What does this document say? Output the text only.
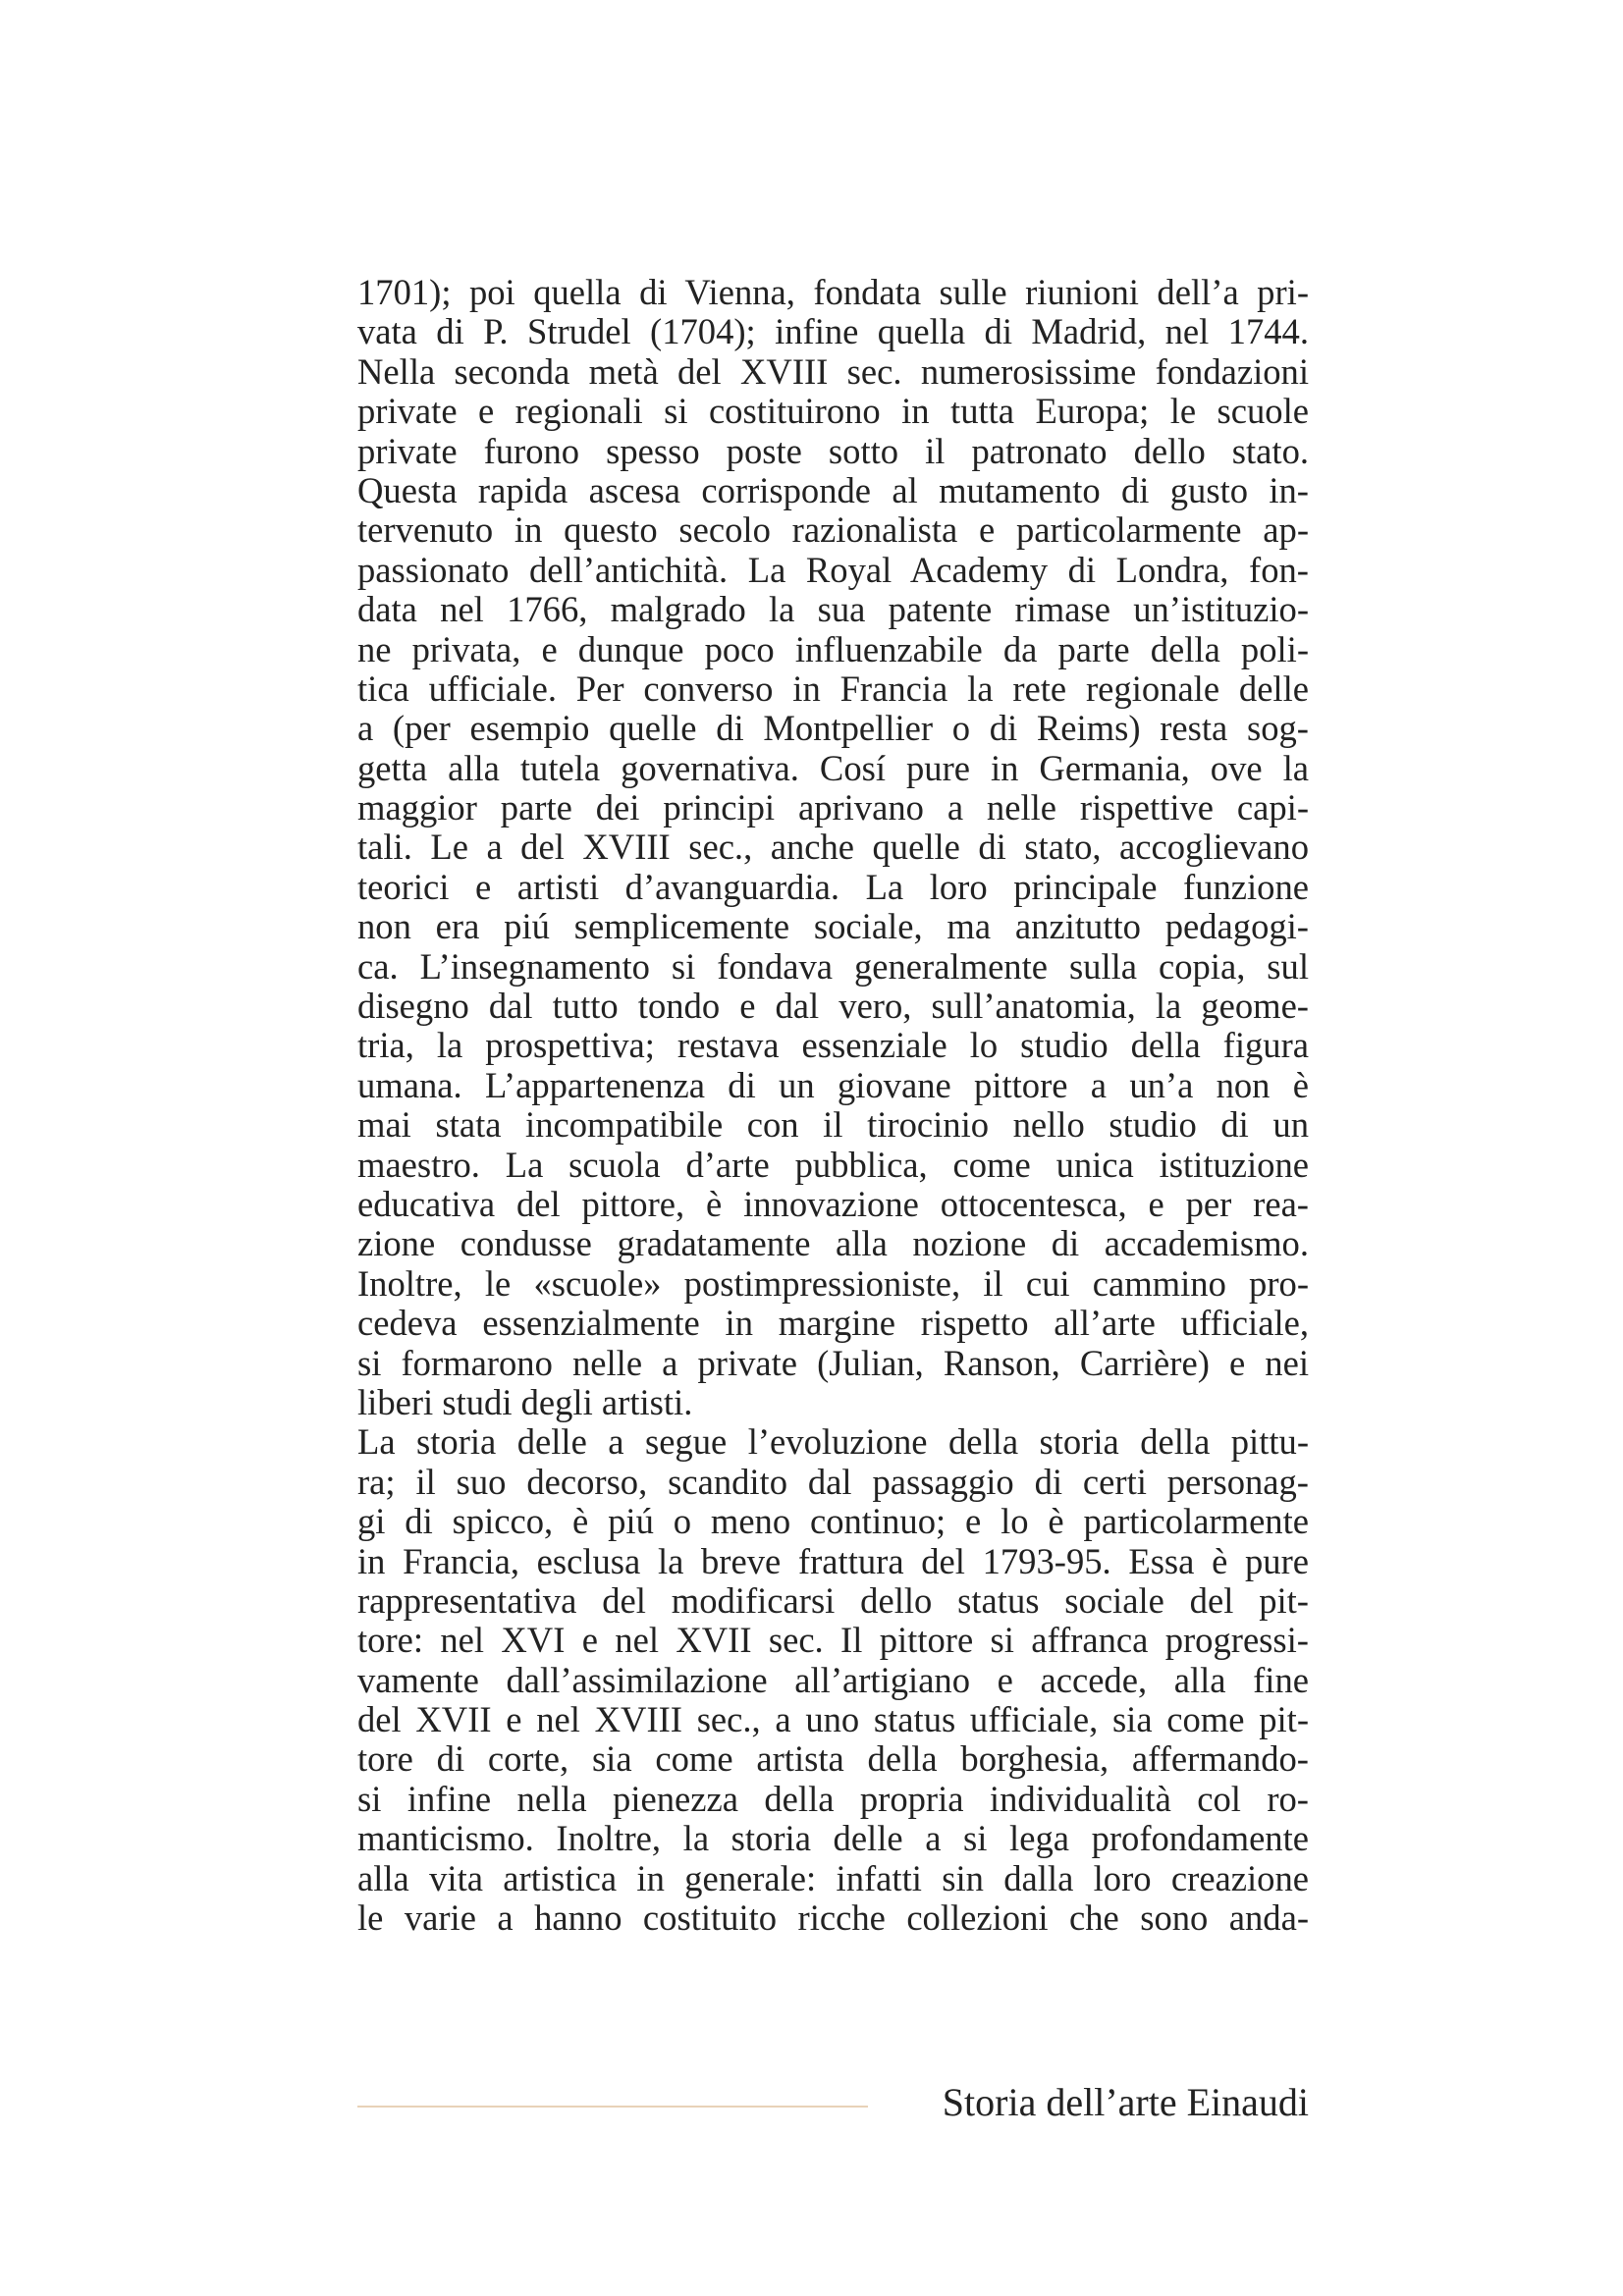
1701); poi quella di Vienna, fondata sulle riunioni dell’a pri-
vata di P. Strudel (1704); infine quella di Madrid, nel 1744.
Nella seconda metà del XVIII sec. numerosissime fondazioni
private e regionali si costituirono in tutta Europa; le scuole
private furono spesso poste sotto il patronato dello stato.
Questa rapida ascesa corrisponde al mutamento di gusto in-
tervenuto in questo secolo razionalista e particolarmente ap-
passionato dell’antichità. La Royal Academy di Londra, fon-
data nel 1766, malgrado la sua patente rimase un’istituzio-
ne privata, e dunque poco influenzabile da parte della poli-
tica ufficiale. Per converso in Francia la rete regionale delle
a (per esempio quelle di Montpellier o di Reims) resta sog-
getta alla tutela governativa. Cosí pure in Germania, ove la
maggior parte dei principi aprivano a nelle rispettive capi-
tali. Le a del XVIII sec., anche quelle di stato, accoglievano
teorici e artisti d’avanguardia. La loro principale funzione
non era piú semplicemente sociale, ma anzitutto pedagogi-
ca. L’insegnamento si fondava generalmente sulla copia, sul
disegno dal tutto tondo e dal vero, sull’anatomia, la geome-
tria, la prospettiva; restava essenziale lo studio della figura
umana. L’appartenenza di un giovane pittore a un’a non è
mai stata incompatibile con il tirocinio nello studio di un
maestro. La scuola d’arte pubblica, come unica istituzione
educativa del pittore, è innovazione ottocentesca, e per rea-
zione condusse gradatamente alla nozione di accademismo.
Inoltre, le «scuole» postimpressioniste, il cui cammino pro-
cedeva essenzialmente in margine rispetto all’arte ufficiale,
si formarono nelle a private (Julian, Ranson, Carrière) e nei
liberi studi degli artisti.
La storia delle a segue l’evoluzione della storia della pittu-
ra; il suo decorso, scandito dal passaggio di certi personag-
gi di spicco, è piú o meno continuo; e lo è particolarmente
in Francia, esclusa la breve frattura del 1793-95. Essa è pure
rappresentativa del modificarsi dello status sociale del pit-
tore: nel XVI e nel XVII sec. Il pittore si affranca progressi-
vamente dall’assimilazione all’artigiano e accede, alla fine
del XVII e nel XVIII sec., a uno status ufficiale, sia come pit-
tore di corte, sia come artista della borghesia, affermando-
si infine nella pienezza della propria individualità col ro-
manticismo. Inoltre, la storia delle a si lega profondamente
alla vita artistica in generale: infatti sin dalla loro creazione
le varie a hanno costituito ricche collezioni che sono anda-
Storia dell’arte Einaudi
